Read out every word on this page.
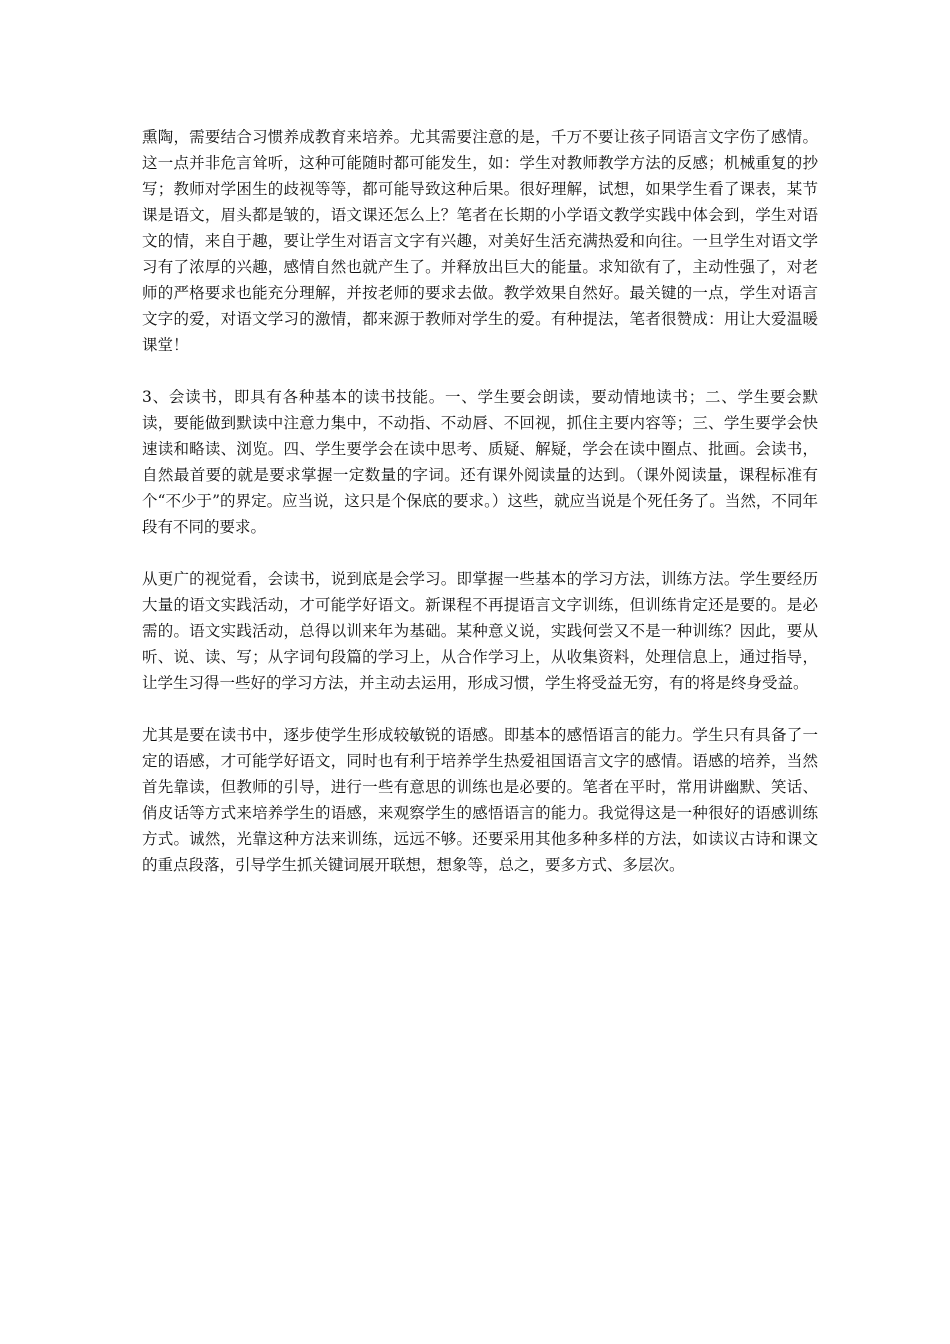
熏陶，需要结合习惯养成教育来培养。尤其需要注意的是，千万不要让孩子同语言文字伤了感情。这一点并非危言耸听，这种可能随时都可能发生，如：学生对教师教学方法的反感；机械重复的抄写；教师对学困生的歧视等等，都可能导致这种后果。很好理解，试想，如果学生看了课表，某节课是语文，眉头都是皱的，语文课还怎么上？笔者在长期的小学语文教学实践中体会到，学生对语文的情，来自于趣，要让学生对语言文字有兴趣，对美好生活充满热爱和向往。一旦学生对语文学习有了浓厚的兴趣，感情自然也就产生了。并释放出巨大的能量。求知欲有了，主动性强了，对老师的严格要求也能充分理解，并按老师的要求去做。教学效果自然好。最关键的一点，学生对语言文字的爱，对语文学习的激情，都来源于教师对学生的爱。有种提法，笔者很赞成：用让大爱温暖课堂！

3、会读书，即具有各种基本的读书技能。一、学生要会朗读，要动情地读书；二、学生要会默读，要能做到默读中注意力集中，不动指、不动唇、不回视，抓住主要内容等；三、学生要学会快速读和略读、浏览。四、学生要学会在读中思考、质疑、解疑，学会在读中圈点、批画。会读书，自然最首要的就是要求掌握一定数量的字词。还有课外阅读量的达到。（课外阅读量，课程标准有个“不少于”的界定。应当说，这只是个保底的要求。）这些，就应当说是个死任务了。当然，不同年段有不同的要求。

从更广的视觉看，会读书，说到底是会学习。即掌握一些基本的学习方法，训练方法。学生要经历大量的语文实践活动，才可能学好语文。新课程不再提语言文字训练，但训练肯定还是要的。是必需的。语文实践活动，总得以训来年为基础。某种意义说，实践何尝又不是一种训练？因此，要从听、说、读、写；从字词句段篇的学习上，从合作学习上，从收集资料，处理信息上，通过指导，让学生习得一些好的学习方法，并主动去运用，形成习惯，学生将受益无穷，有的将是终身受益。

尤其是要在读书中，逐步使学生形成较敏锐的语感。即基本的感悟语言的能力。学生只有具备了一定的语感，才可能学好语文，同时也有利于培养学生热爱祖国语言文字的感情。语感的培养，当然首先靠读，但教师的引导，进行一些有意思的训练也是必要的。笔者在平时，常用讲幽默、笑话、俏皮话等方式来培养学生的语感，来观察学生的感悟语言的能力。我觉得这是一种很好的语感训练方式。诚然，光靠这种方法来训练，远远不够。还要采用其他多种多样的方法，如读议古诗和课文的重点段落，引导学生抓关键词展开联想，想象等，总之，要多方式、多层次。
